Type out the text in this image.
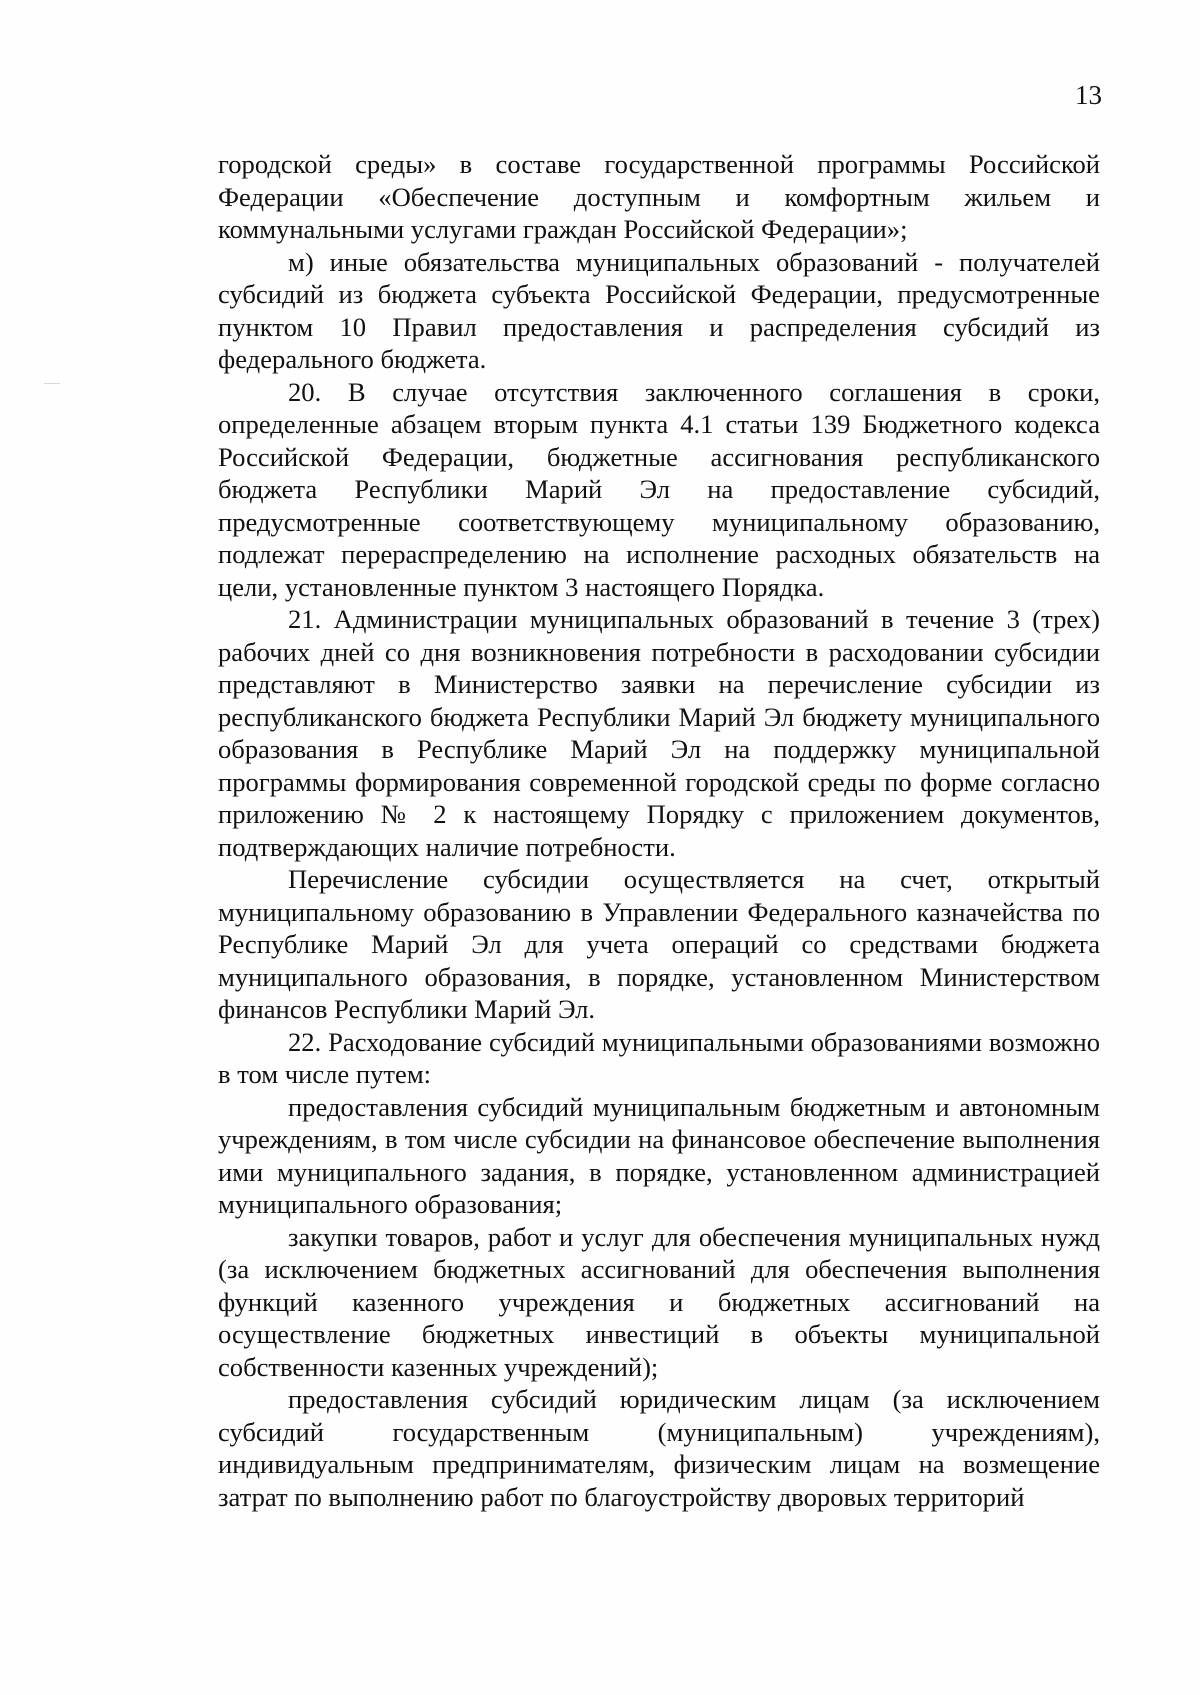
13

городской среды» в составе государственной программы Российской Федерации «Обеспечение доступным и комфортным жильем и коммунальными услугами граждан Российской Федерации»;

м) иные обязательства муниципальных образований - получателей субсидий из бюджета субъекта Российской Федерации, предусмотренные пунктом 10 Правил предоставления и распределения субсидий из федерального бюджета.

20. В случае отсутствия заключенного соглашения в сроки, определенные абзацем вторым пункта 4.1 статьи 139 Бюджетного кодекса Российской Федерации, бюджетные ассигнования республиканского бюджета Республики Марий Эл на предоставление субсидий, предусмотренные соответствующему муниципальному образованию, подлежат перераспределению на исполнение расходных обязательств на цели, установленные пунктом 3 настоящего Порядка.

21. Администрации муниципальных образований в течение 3 (трех) рабочих дней со дня возникновения потребности в расходовании субсидии представляют в Министерство заявки на перечисление субсидии из республиканского бюджета Республики Марий Эл бюджету муниципального образования в Республике Марий Эл на поддержку муниципальной программы формирования современной городской среды по форме согласно приложению № 2 к настоящему Порядку с приложением документов, подтверждающих наличие потребности.

Перечисление субсидии осуществляется на счет, открытый муниципальному образованию в Управлении Федерального казначейства по Республике Марий Эл для учета операций со средствами бюджета муниципального образования, в порядке, установленном Министерством финансов Республики Марий Эл.

22. Расходование субсидий муниципальными образованиями возможно в том числе путем:

предоставления субсидий муниципальным бюджетным и автономным учреждениям, в том числе субсидии на финансовое обеспечение выполнения ими муниципального задания, в порядке, установленном администрацией муниципального образования;

закупки товаров, работ и услуг для обеспечения муниципальных нужд (за исключением бюджетных ассигнований для обеспечения выполнения функций казенного учреждения и бюджетных ассигнований на осуществление бюджетных инвестиций в объекты муниципальной собственности казенных учреждений);

предоставления субсидий юридическим лицам (за исключением субсидий государственным (муниципальным) учреждениям), индивидуальным предпринимателям, физическим лицам на возмещение затрат по выполнению работ по благоустройству дворовых территорий
